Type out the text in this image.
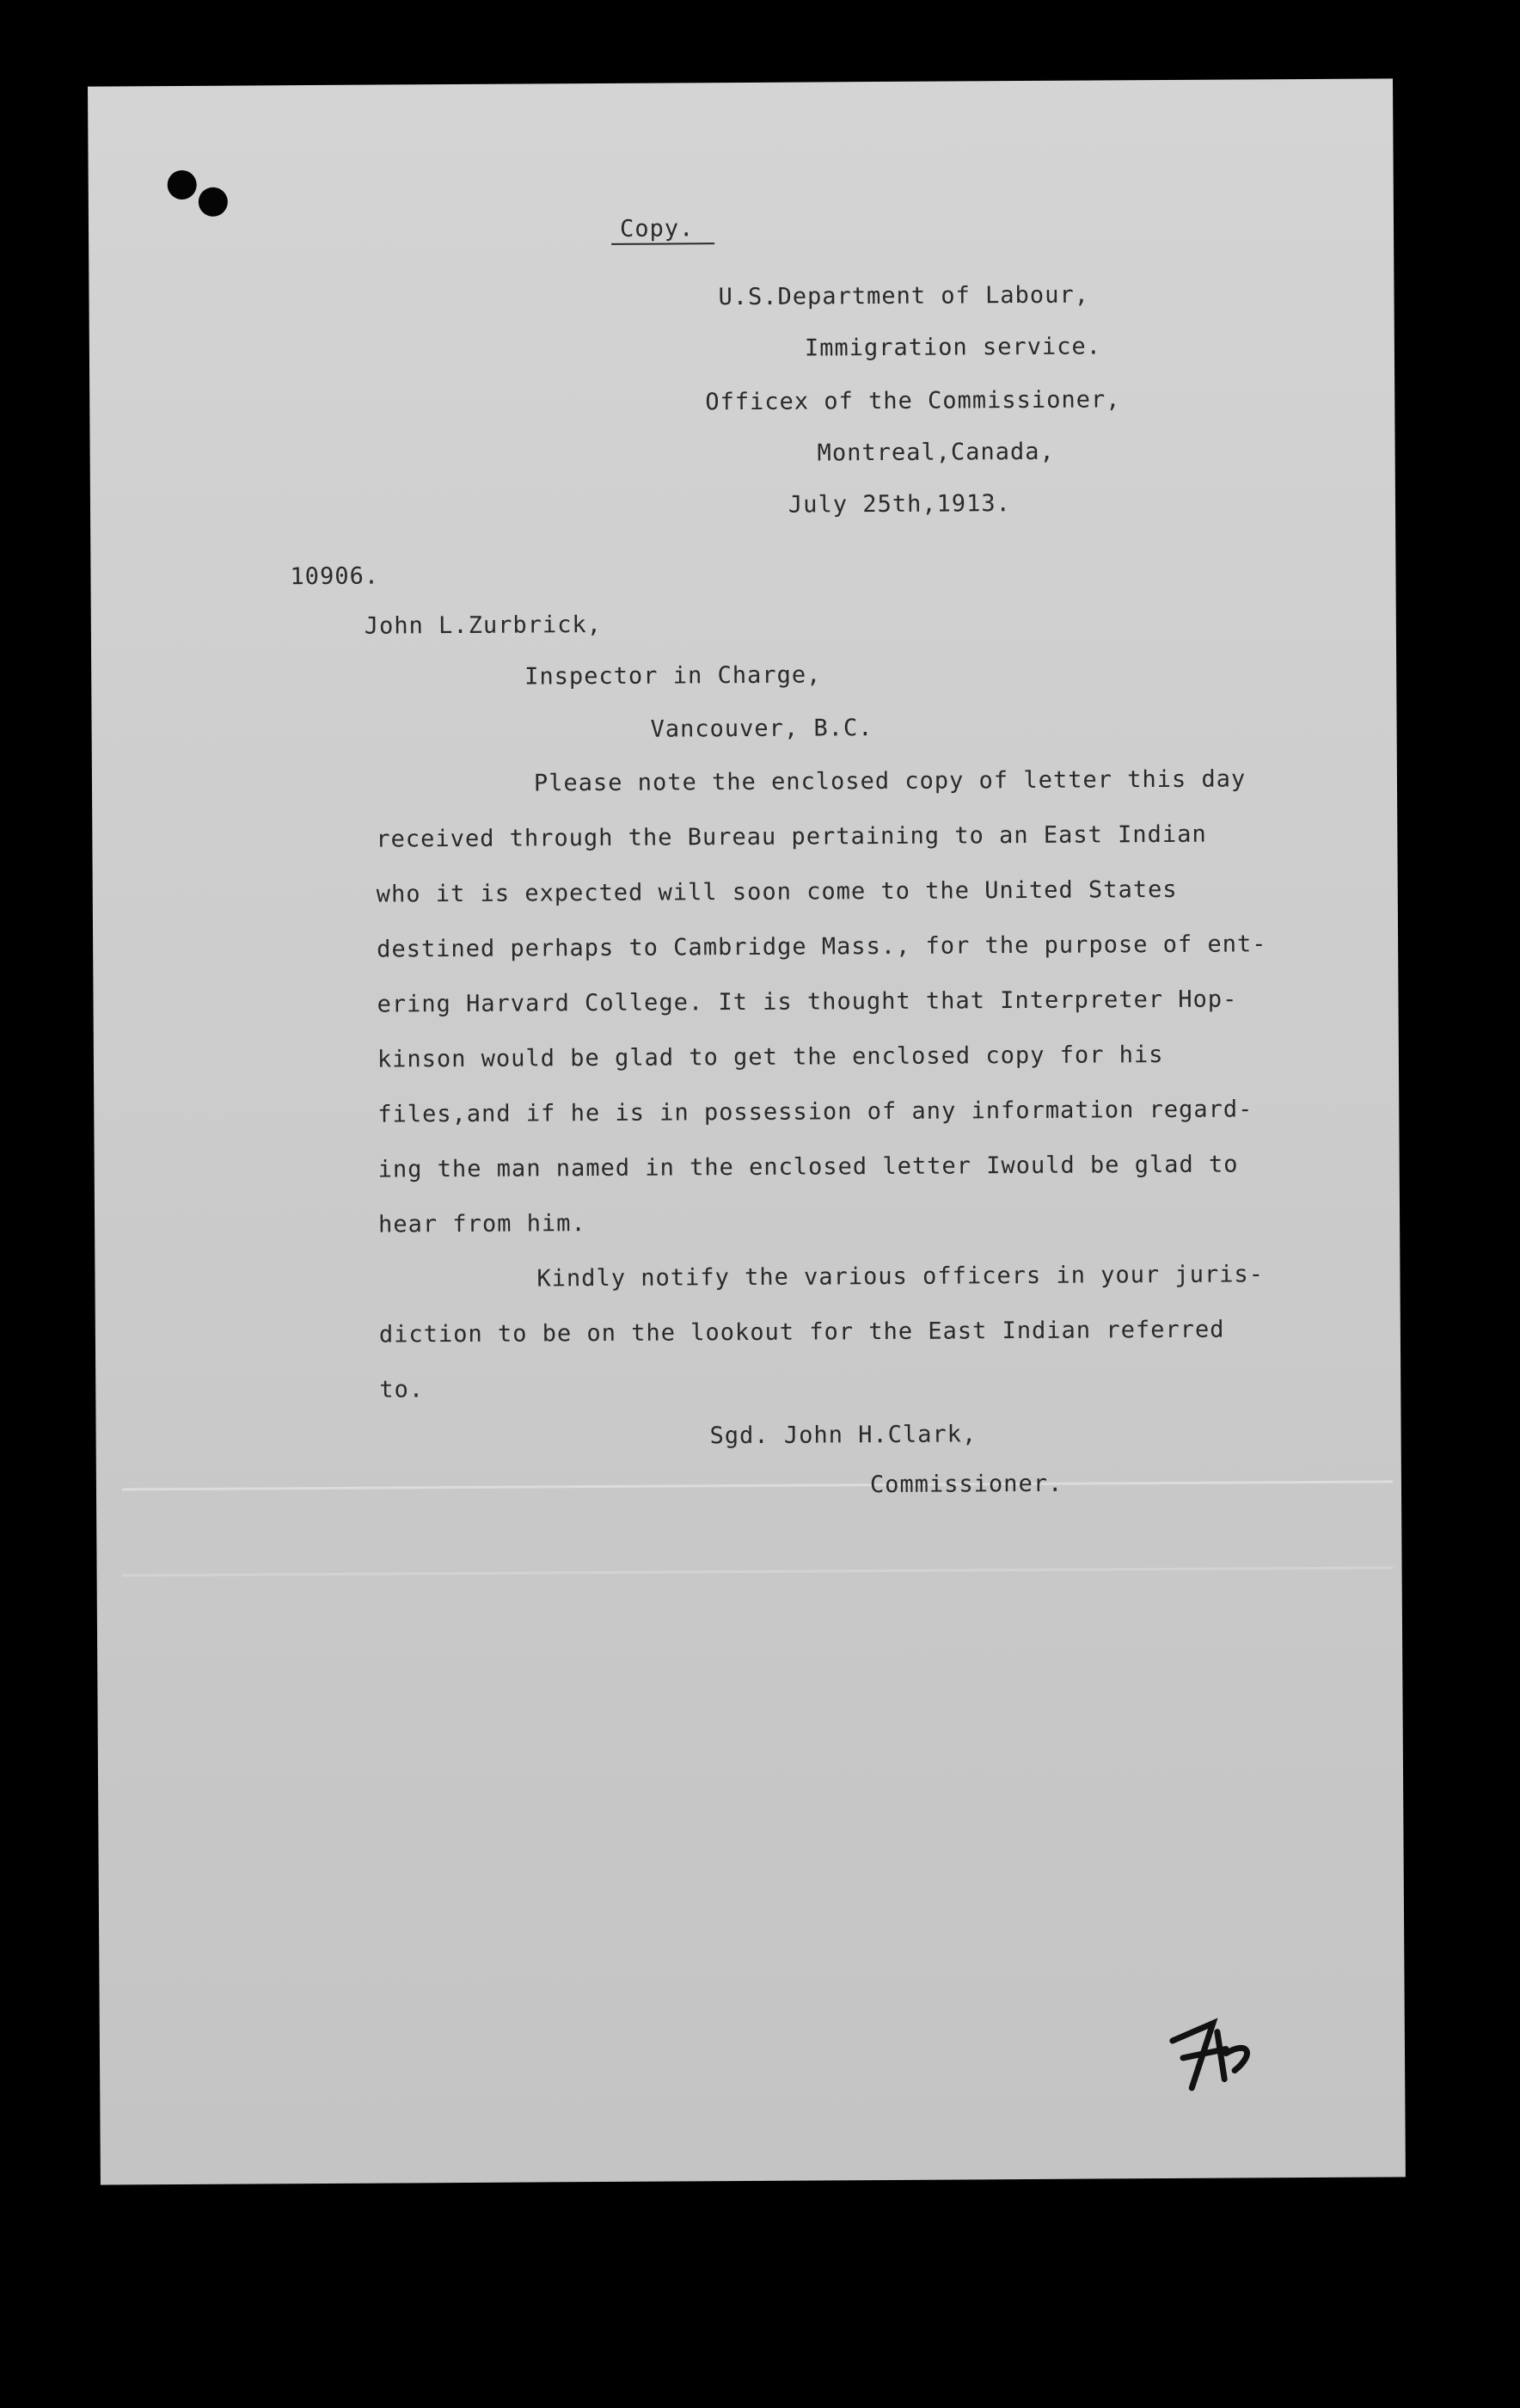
Copy.
U.S.Department of Labour,
Immigration service.
Officex of the Commissioner,
Montreal,Canada,
July 25th,1913.
10906.
John L.Zurbrick,
Inspector in Charge,
Vancouver, B.C.
Please note the enclosed copy of letter this day
received through the Bureau pertaining to an East Indian
who it is expected will soon come to the United States
destined perhaps to Cambridge Mass., for the purpose of ent-
ering Harvard College. It is thought that Interpreter Hop-
kinson would be glad to get the enclosed copy for his
files,and if he is in possession of any information regard-
ing the man named in the enclosed letter Iwould be glad to
hear from him.
Kindly notify the various officers in your juris-
diction to be on the lookout for the East Indian referred
to.
Sgd. John H.Clark,
Commissioner.
